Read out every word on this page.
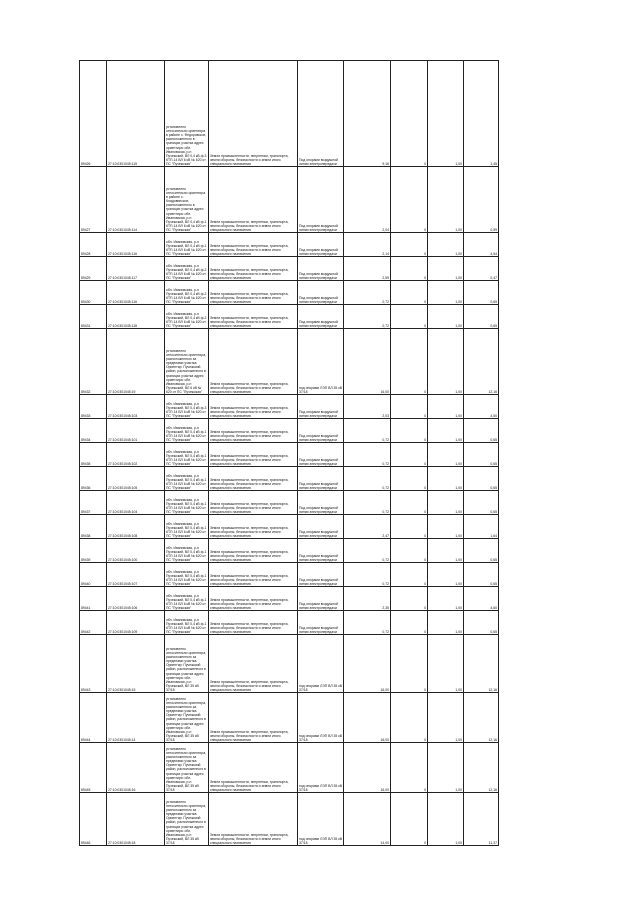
89426	27:10:0301045:115	установлено относительно ориентира в районе с. Федоровскоe, расположенного в границах участка адрес ориентира: обл. Ивановская, р-н Пучежский, ВЛ 0,4 кВ ф-3 КТП-14 ВЛ 6 кВ № 620 от ПС "Пучежская"	Земли промышленности, энергетики, транспорта, земли обороны, безопасности и земли иного специального назначения	Под опорами воздушной линии электропередачи	9,16	0	1,00	1,45
89427	27:10:0301045:114	установлено относительно ориентира в районе с. Кладовинское, расположенного в границах участка адрес ориентира: обл. Ивановская, р-н Пучежский, ВЛ 0,4 кВ ф-1 КТП-14 ВЛ 6 кВ № 620 от ПС "Пучежская"	Земли промышленности, энергетики, транспорта, земли обороны, безопасности и земли иного специального назначения	Под опорами воздушной линии электропередачи	2,04	0	1,00	0,59
89428	27:10:0301045:116	обл. Ивановская, р-н Пучежский, ВЛ 0,4 кВ ф-1 КТП-14 ВЛ 6 кВ № 620 от ПС "Пучежская"	Земли промышленности, энергетики, транспорта, земли обороны, безопасности и земли иного специального назначения	Под опорами воздушной линии электропередачи	2,14	0	1,00	4,54
89429	27:10:0301045:117	обл. Ивановская, р-н Пучежский, ВЛ 0,4 кВ ф-2 КТП-14 ВЛ 6 кВ № 620 от ПС "Пучежская"	Земли промышленности, энергетики, транспорта, земли обороны, безопасности и земли иного специального назначения	Под опорами воздушной линии электропередачи	2,59	0	1,00	0,47
89430	27:10:0301045:116	обл. Ивановская, р-н Пучежский, ВЛ 0,4 кВ ф-2 КТП-14 ВЛ 6 кВ № 620 от ПС "Пучежская"	Земли промышленности, энергетики, транспорта, земли обороны, безопасности и земли иного специального назначения	Под опорами воздушной линии электропередачи	0,72	0	1,00	0,65
89431	27:10:0301045:118	обл. Ивановская, р-н Пучежский, ВЛ 0,4 кВ ф-2 КТП-14 ВЛ 6 кВ № 620 от ПС "Пучежская"	Земли промышленности, энергетики, транспорта, земли обороны, безопасности и земли иного специального назначения	Под опорами воздушной линии электропередачи	0,72	0	1,00	0,65
89432	27:10:0301045:19	установлено относительно ориентира, расположенного за пределами участка. Ориентир: Пучежский район, расположенного в границах участка адрес ориентира: обл. Ивановская, р-н Пучежский, ВЛ 6 кВ № 620 от ПС "Пучежская"	Земли промышленности, энергетики, транспорта, земли обороны, безопасности и земли иного специального назначения	под опорами ЛЭП ВЛ 35 кВ 37/18	16,00	0	1,00	12,16
89433	27:10:0301045:103	обл. Ивановская, р-н Пучежский, ВЛ 0,4 кВ ф-3 КТП-14 ВЛ 6 кВ № 620 от ПС "Пучежская"	Земли промышленности, энергетики, транспорта, земли обороны, безопасности и земли иного специального назначения	Под опорами воздушной линии электропередачи	2,03	0	1,00	4,50
89434	27:10:0301045:101	обл. Ивановская, р-н Пучежский, ВЛ 0,4 кВ ф-1 КТП-14 ВЛ 6 кВ № 620 от ПС "Пучежская"	Земли промышленности, энергетики, транспорта, земли обороны, безопасности и земли иного специального назначения	Под опорами воздушной линии электропередачи	0,72	0	1,00	0,65
89435	27:10:0301045:102	обл. Ивановская, р-н Пучежский, ВЛ 0,4 кВ ф-1 КТП-14 ВЛ 6 кВ № 620 от ПС "Пучежская"	Земли промышленности, энергетики, транспорта, земли обороны, безопасности и земли иного специального назначения	Под опорами воздушной линии электропередачи	0,72	0	1,00	0,65
89436	27:10:0301045:105	обл. Ивановская, р-н Пучежский, ВЛ 0,4 кВ ф-1 КТП-14 ВЛ 6 кВ № 620 от ПС "Пучежская"	Земли промышленности, энергетики, транспорта, земли обороны, безопасности и земли иного специального назначения	Под опорами воздушной линии электропередачи	0,72	0	1,00	0,65
89437	27:10:0301045:104	обл. Ивановская, р-н Пучежский, ВЛ 0,4 кВ ф-1 КТП-14 ВЛ 6 кВ № 620 от ПС "Пучежская"	Земли промышленности, энергетики, транспорта, земли обороны, безопасности и земли иного специального назначения	Под опорами воздушной линии электропередачи	0,72	0	1,00	0,65
89438	27:10:0301045:108	обл. Ивановская, р-н Пучежский, ВЛ 0,4 кВ ф-1 КТП-14 ВЛ 6 кВ № 620 от ПС "Пучежская"	Земли промышленности, энергетики, транспорта, земли обороны, безопасности и земли иного специального назначения	Под опорами воздушной линии электропередачи	2,47	0	1,00	1,64
89439	27:10:0301045:100	обл. Ивановская, р-н Пучежский, ВЛ 0,4 кВ ф-1 КТП-14 ВЛ 6 кВ № 620 от ПС "Пучежская"	Земли промышленности, энергетики, транспорта, земли обороны, безопасности и земли иного специального назначения	Под опорами воздушной линии электропередачи	0,72	0	1,00	0,65
89440	27:10:0301045:107	обл. Ивановская, р-н Пучежский, ВЛ 0,4 кВ ф-1 КТП-14 ВЛ 6 кВ № 620 от ПС "Пучежская"	Земли промышленности, энергетики, транспорта, земли обороны, безопасности и земли иного специального назначения	Под опорами воздушной линии электропередачи	0,72	0	1,00	0,65
89441	27:10:0301045:106	обл. Ивановская, р-н Пучежский, ВЛ 0,4 кВ ф-1 КТП-14 ВЛ 6 кВ № 620 от ПС "Пучежская"	Земли промышленности, энергетики, транспорта, земли обороны, безопасности и земли иного специального назначения	Под опорами воздушной линии электропередачи	2,35	0	1,00	4,60
89442	27:10:0301045:109	обл. Ивановская, р-н Пучежский, ВЛ 0,4 кВ ф-1 КТП-14 ВЛ 6 кВ № 620 от ПС "Пучежская"	Земли промышленности, энергетики, транспорта, земли обороны, безопасности и земли иного специального назначения	Под опорами воздушной линии электропередачи	0,72	0	1,00	0,65
89443	27:10:0301045:15	установлено относительно ориентира, расположенного за пределами участка. Ориентир: Пучежский район, расположенного в границах участка адрес ориентира: обл. Ивановская, р-н Пучежский, ВЛ 35 кВ 37/18	Земли промышленности, энергетики, транспорта, земли обороны, безопасности и земли иного специального назначения	под опорами ЛЭП ВЛ 35 кВ 37/18	16,00	0	1,00	12,16
89444	27:10:0301045:14	установлено относительно ориентира, расположенного за пределами участка. Ориентир: Пучежский район, расположенного в границах участка адрес ориентира: обл. Ивановская, р-н Пучежский, ВЛ 35 кВ 37/18	Земли промышленности, энергетики, транспорта, земли обороны, безопасности и земли иного специального назначения	под опорами ЛЭП ВЛ 35 кВ 37/18	16,00	0	1,00	12,16
89445	27:10:0301045:16	установлено относительно ориентира, расположенного за пределами участка. Ориентир: Пучежский район, расположенного в границах участка адрес ориентира: обл. Ивановская, р-н Пучежский, ВЛ 35 кВ 37/18	Земли промышленности, энергетики, транспорта, земли обороны, безопасности и земли иного специального назначения	под опорами ЛЭП ВЛ 35 кВ 37/18	16,00	0	1,00	12,16
89446	27:10:0301045:18	установлено относительно ориентира, расположенного за пределами участка. Ориентир: Пучежский район, расположенного в границах участка адрес ориентира: обл. Ивановская, р-н Пучежский, ВЛ 35 кВ 37/18	Земли промышленности, энергетики, транспорта, земли обороны, безопасности и земли иного специального назначения	под опорами ЛЭП ВЛ 35 кВ 37/18	14,00	0	1,00	11,37
